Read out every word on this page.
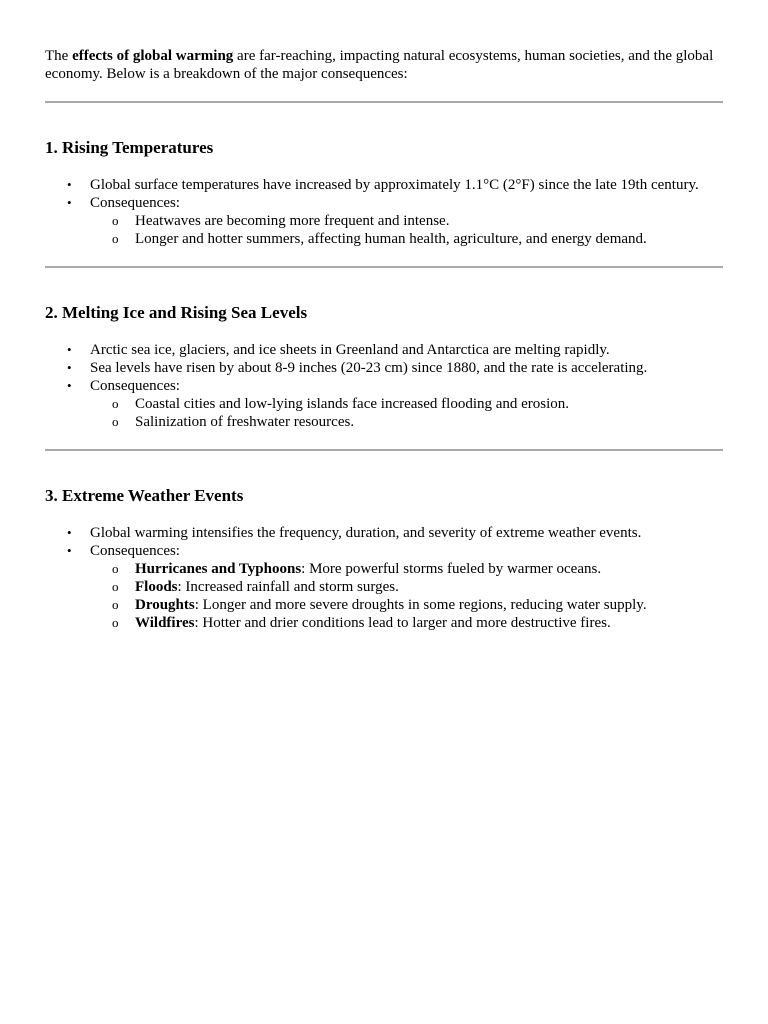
The effects of global warming are far-reaching, impacting natural ecosystems, human societies, and the global economy. Below is a breakdown of the major consequences:

1. Rising Temperatures
• Global surface temperatures have increased by approximately 1.1°C (2°F) since the late 19th century.
• Consequences:
o Heatwaves are becoming more frequent and intense.
o Longer and hotter summers, affecting human health, agriculture, and energy demand.
2. Melting Ice and Rising Sea Levels
• Arctic sea ice, glaciers, and ice sheets in Greenland and Antarctica are melting rapidly.
• Sea levels have risen by about 8-9 inches (20-23 cm) since 1880, and the rate is accelerating.
• Consequences:
o Coastal cities and low-lying islands face increased flooding and erosion.
o Salinization of freshwater resources.
3. Extreme Weather Events
• Global warming intensifies the frequency, duration, and severity of extreme weather events.
• Consequences:
o Hurricanes and Typhoons: More powerful storms fueled by warmer oceans.
o Floods: Increased rainfall and storm surges.
o Droughts: Longer and more severe droughts in some regions, reducing water supply.
o Wildfires: Hotter and drier conditions lead to larger and more destructive fires.
